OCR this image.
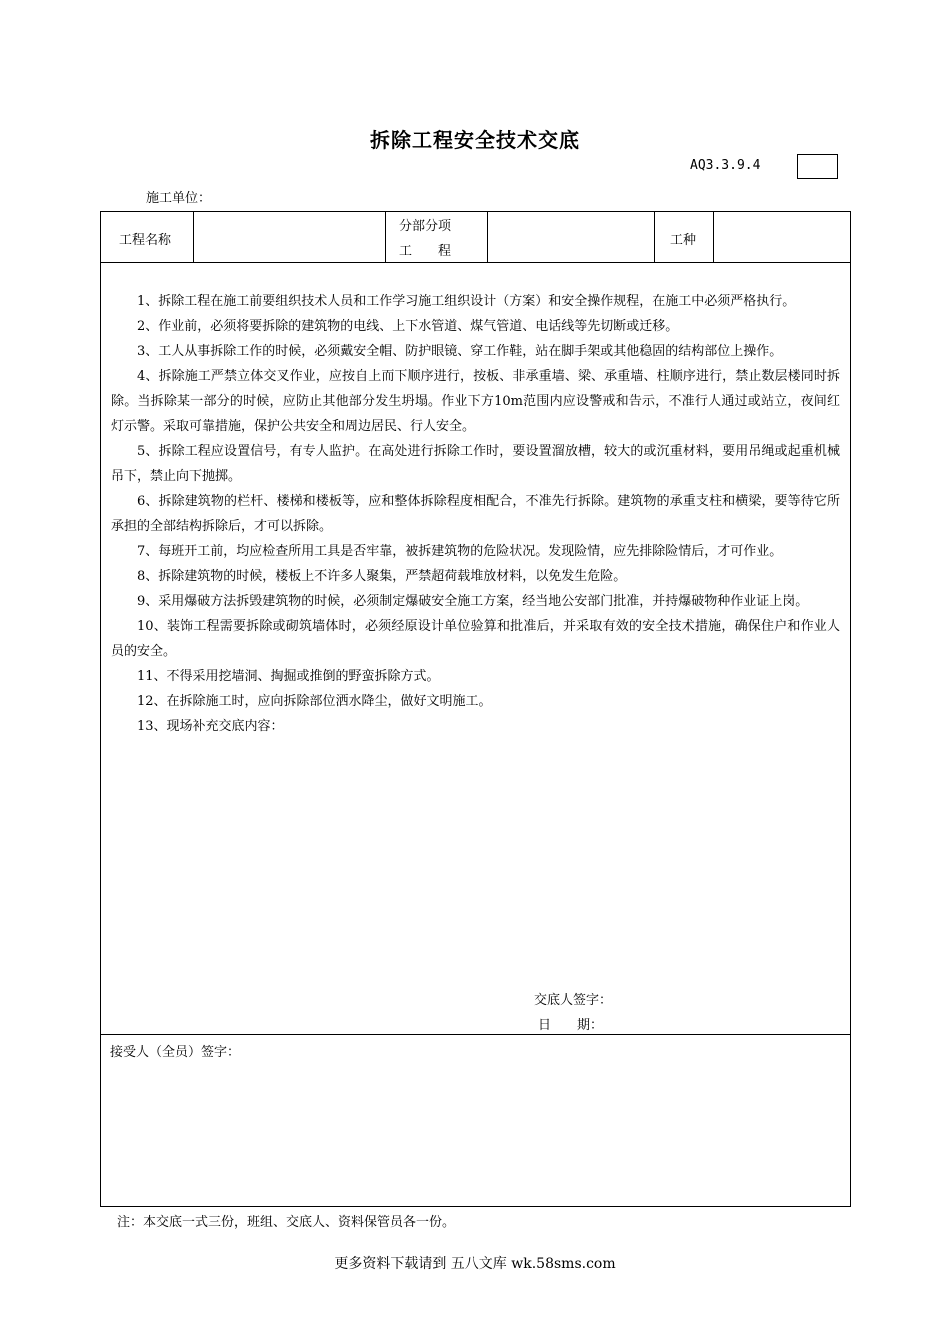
拆除工程安全技术交底
AQ3.3.9.4
施工单位：
工程名称
分部分项
工　　程
工种

1、拆除工程在施工前要组织技术人员和工作学习施工组织设计（方案）和安全操作规程，在施工中必须严格执行。

2、作业前，必须将要拆除的建筑物的电线、上下水管道、煤气管道、电话线等先切断或迁移。

3、工人从事拆除工作的时候，必须戴安全帽、防护眼镜、穿工作鞋，站在脚手架或其他稳固的结构部位上操作。

4、拆除施工严禁立体交叉作业，应按自上而下顺序进行，按板、非承重墙、梁、承重墙、柱顺序进行，禁止数层楼同时拆除。当拆除某一部分的时候，应防止其他部分发生坍塌。作业下方10m范围内应设警戒和告示，不准行人通过或站立，夜间红灯示警。采取可靠措施，保护公共安全和周边居民、行人安全。

5、拆除工程应设置信号，有专人监护。在高处进行拆除工作时，要设置溜放槽，较大的或沉重材料，要用吊绳或起重机械吊下，禁止向下抛掷。

6、拆除建筑物的栏杆、楼梯和楼板等，应和整体拆除程度相配合，不准先行拆除。建筑物的承重支柱和横梁，要等待它所承担的全部结构拆除后，才可以拆除。

7、每班开工前，均应检查所用工具是否牢靠，被拆建筑物的危险状况。发现险情，应先排除险情后，才可作业。

8、拆除建筑物的时候，楼板上不许多人聚集，严禁超荷载堆放材料，以免发生危险。

9、采用爆破方法拆毁建筑物的时候，必须制定爆破安全施工方案，经当地公安部门批准，并持爆破物种作业证上岗。

10、装饰工程需要拆除或砌筑墙体时，必须经原设计单位验算和批准后，并采取有效的安全技术措施，确保住户和作业人员的安全。

11、不得采用挖墙洞、掏掘或推倒的野蛮拆除方式。

12、在拆除施工时，应向拆除部位洒水降尘，做好文明施工。

13、现场补充交底内容：

交底人签字：
日　　期：
接受人（全员）签字：
注：本交底一式三份，班组、交底人、资料保管员各一份。
更多资料下载请到 五八文库 wk.58sms.com
